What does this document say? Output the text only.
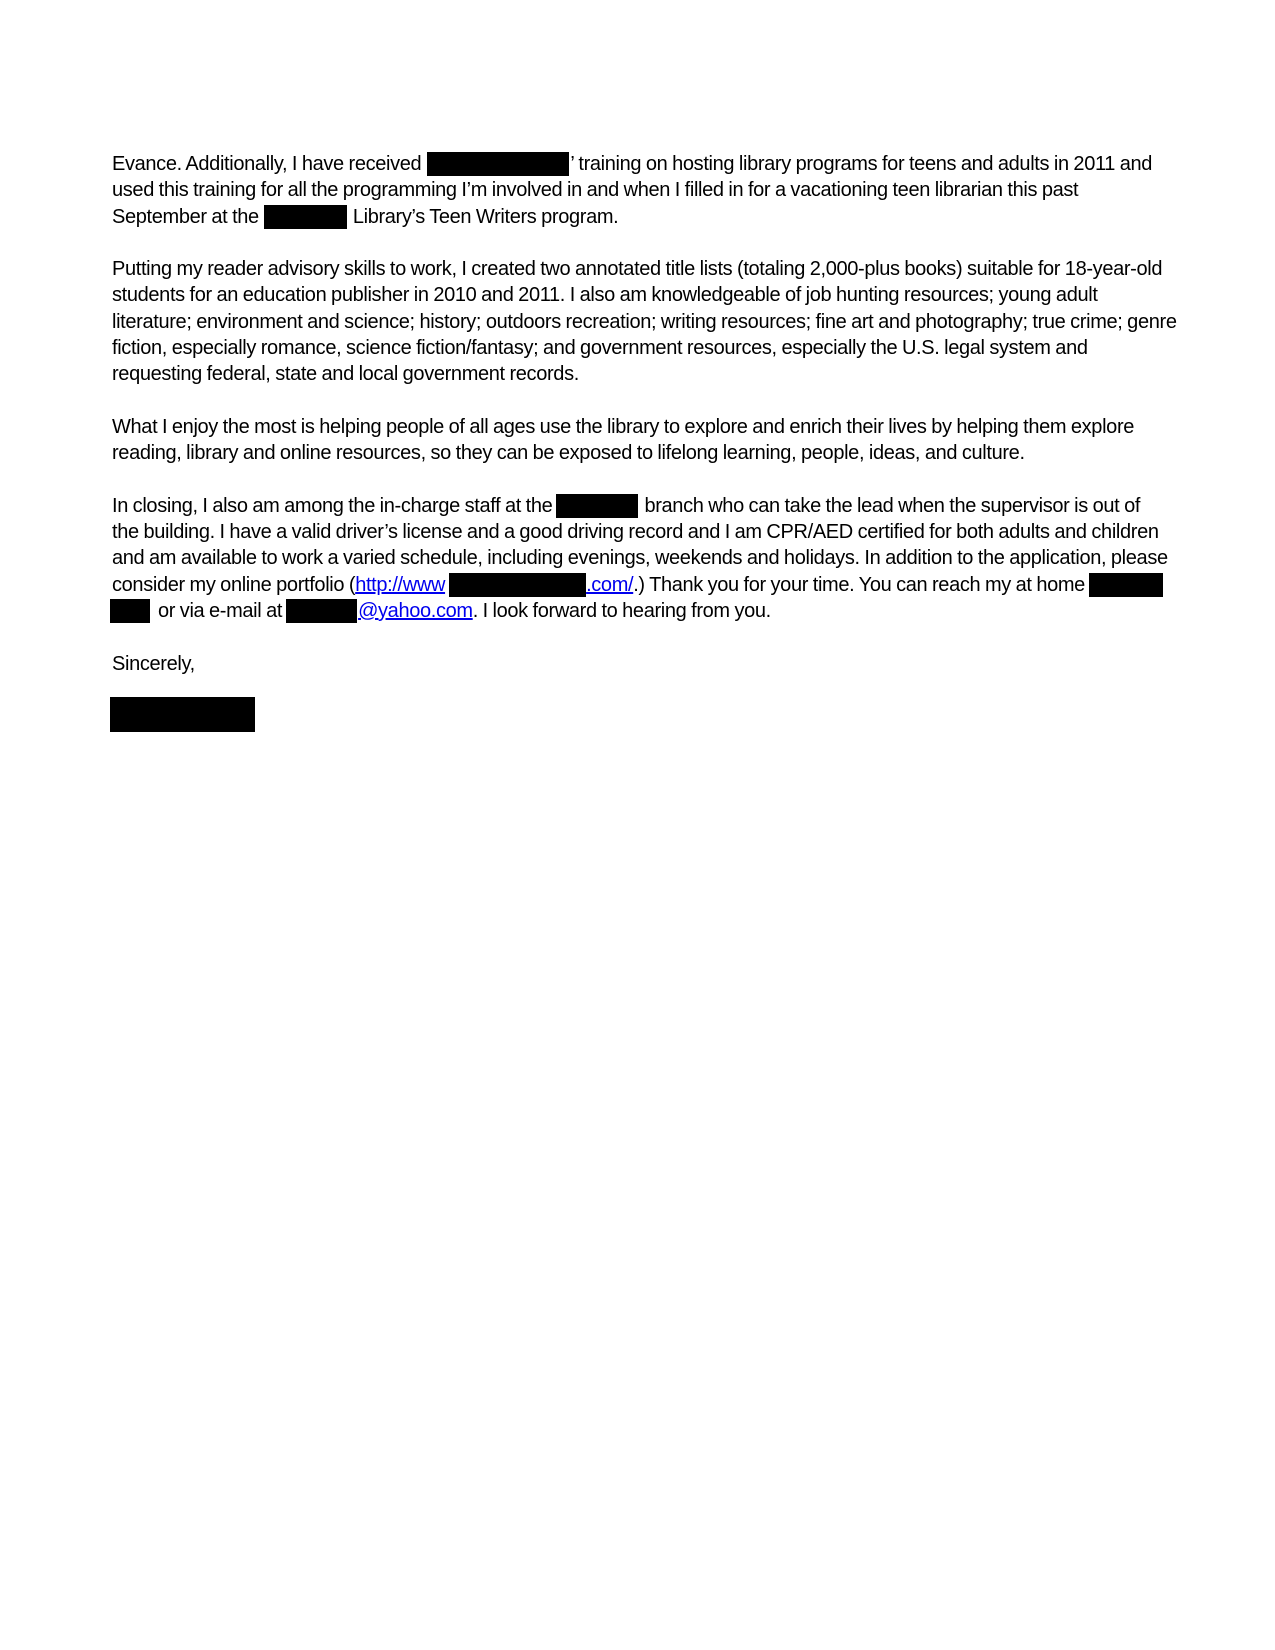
Evance. Additionally, I have received	’ training on hosting library programs for teens and adults in 2011 and
used this training for all the programming I’m involved in and when I filled in for a vacationing teen librarian this past
September at the	Library’s Teen Writers program.
Putting my reader advisory skills to work, I created two annotated title lists (totaling 2,000-plus books) suitable for 18-year-old
students for an education publisher in 2010 and 2011. I also am knowledgeable of job hunting resources; young adult
literature; environment and science; history; outdoors recreation; writing resources; fine art and photography; true crime; genre
fiction, especially romance, science fiction/fantasy; and government resources, especially the U.S. legal system and
requesting federal, state and local government records.
What I enjoy the most is helping people of all ages use the library to explore and enrich their lives by helping them explore
reading, library and online resources, so they can be exposed to lifelong learning, people, ideas, and culture.
In closing, I also am among the in-charge staff at the	branch who can take the lead when the supervisor is out of
the building. I have a valid driver’s license and a good driving record and I am CPR/AED certified for both adults and children
and am available to work a varied schedule, including evenings, weekends and holidays. In addition to the application, please
consider my online portfolio (http://www	.com/.) Thank you for your time. You can reach my at home
or via e-mail at	@yahoo.com. I look forward to hearing from you.
Sincerely,
